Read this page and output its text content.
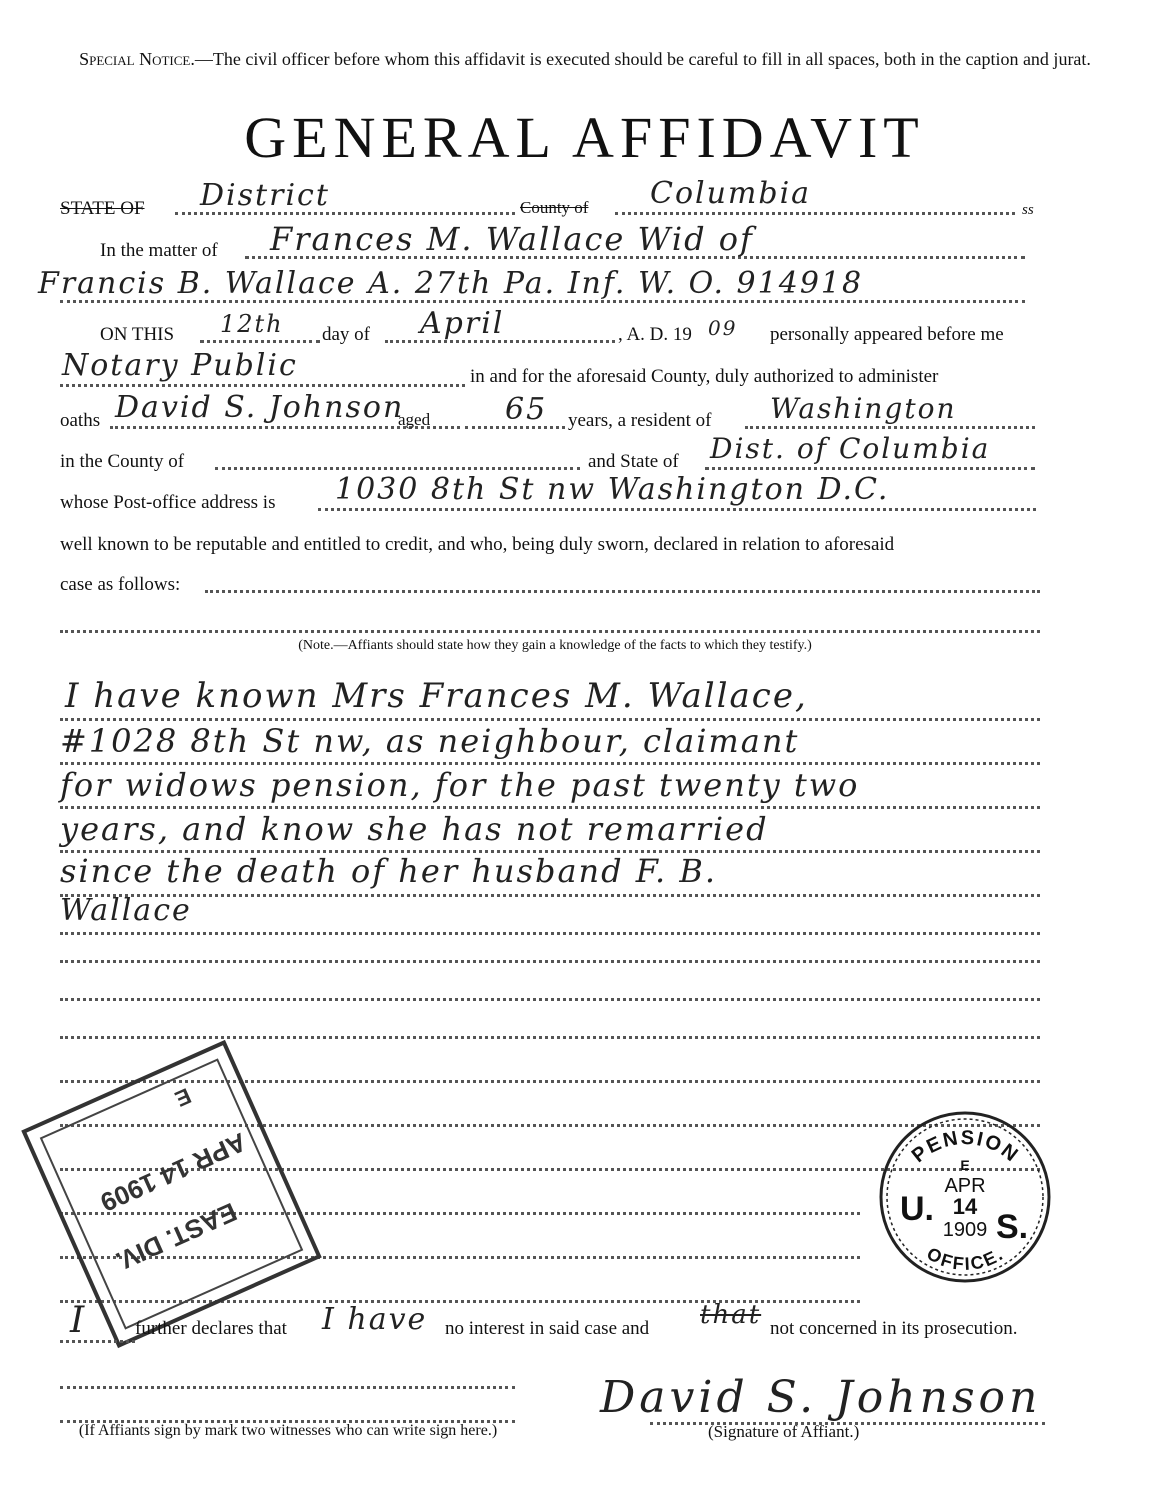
Special Notice.—The civil officer before whom this affidavit is executed should be careful to fill in all spaces, both in the caption and jurat.
GENERAL AFFIDAVIT
STATE OF District	County of Columbia	ss
In the matter of Frances M. Wallace Wid of
Francis B. Wallace A. 27th Pa. Inf. W. O. 914918
ON THIS 12th day of April	, A. D. 19 09 personally appeared before me
Notary Public	in and for the aforesaid County, duly authorized to administer
oaths David S. Johnson
aged 65 years, a resident of Washington
in the County of	and State of Dist. of Columbia
whose Post-office address is 1030 8th St nw Washington D.C.
well known to be reputable and entitled to credit, and who, being duly sworn, declared in relation to aforesaid
case as follows:
(Note.—Affiants should state how they gain a knowledge of the facts to which they testify.)
I have known Mrs Frances M. Wallace,
#1028 8th St nw, as neighbour, claimant
for widows pension, for the past twenty two
years, and know she has not remarried
since the death of her husband F. B.
Wallace
E
APR 14 1909
EAST. DIV.
PENSION
OFFICE.
E
APR
14
1909
U. S.
I	further declares that I have no interest in said case and that not concerned in its prosecution.
(If Affiants sign by mark two witnesses who can write sign here.)
David S. Johnson
(Signature of Affiant.)
